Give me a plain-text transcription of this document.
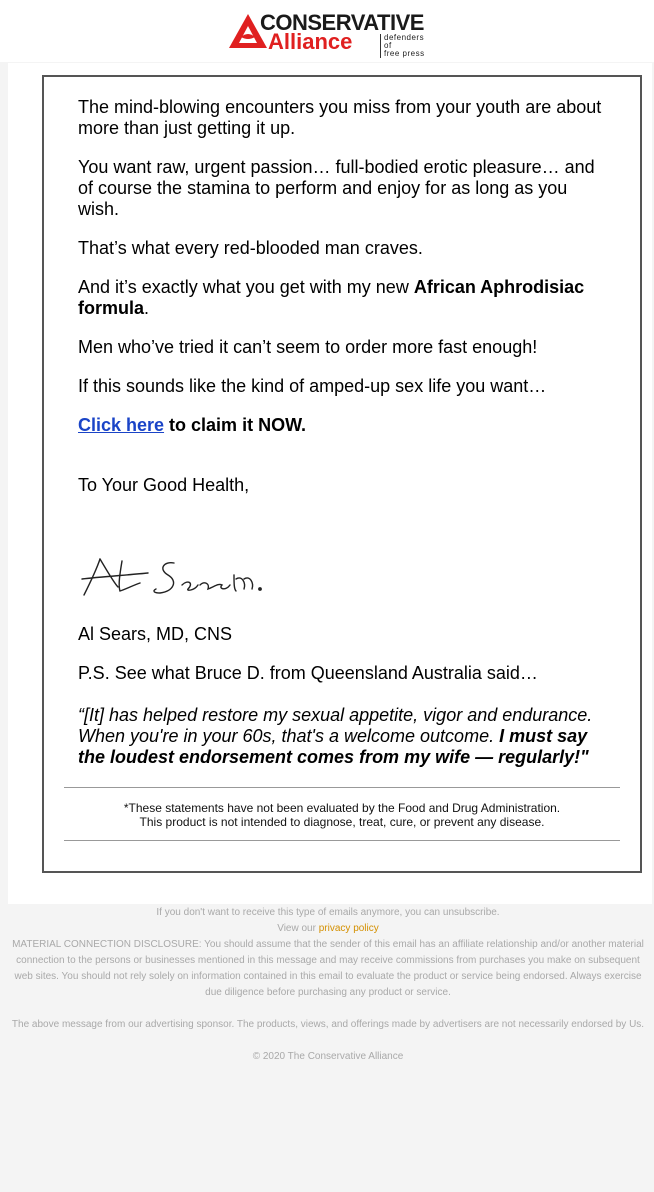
CONSERVATIVE
Alliance	defenders of
free press

The mind-blowing encounters you miss from your youth are about more than just getting it up.

You want raw, urgent passion… full-bodied erotic pleasure… and of course the stamina to perform and enjoy for as long as you wish.

That’s what every red-blooded man craves.

And it’s exactly what you get with my new African Aphrodisiac formula.

Men who’ve tried it can’t seem to order more fast enough!

If this sounds like the kind of amped-up sex life you want…

Click here to claim it NOW.

To Your Good Health,

Al Sears, MD, CNS

P.S. See what Bruce D. from Queensland Australia said…

“[It] has helped restore my sexual appetite, vigor and endurance. When you're in your 60s, that's a welcome outcome. I must say the loudest endorsement comes from my wife — regularly!"
*These statements have not been evaluated by the Food and Drug Administration.
This product is not intended to diagnose, treat, cure, or prevent any disease.

If you don't want to receive this type of emails anymore, you can unsubscribe.

View our privacy policy

MATERIAL CONNECTION DISCLOSURE: You should assume that the sender of this email has an affiliate relationship and/or another material connection to the persons or businesses mentioned in this message and may receive commissions from purchases you make on subsequent web sites. You should not rely solely on information contained in this email to evaluate the product or service being endorsed. Always exercise due diligence before purchasing any product or service.

The above message from our advertising sponsor. The products, views, and offerings made by advertisers are not necessarily endorsed by Us.

© 2020 The Conservative Alliance
